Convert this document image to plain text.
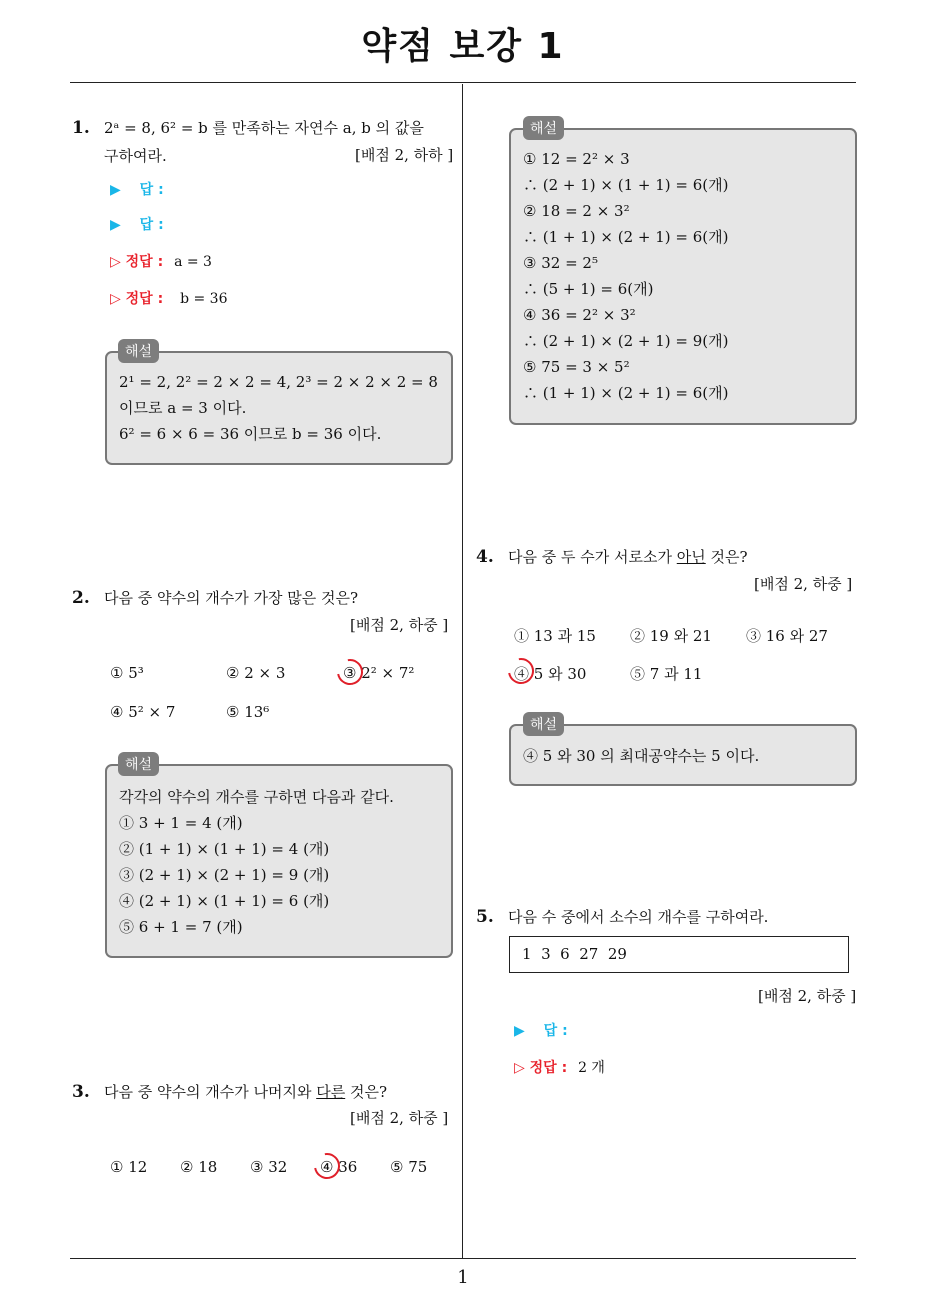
약점 보강 1
1. 2ᵃ = 8, 6² = b 를 만족하는 자연수 a, b 의 값을
구하여라.	[배점 2, 하하 ]
▶ 답 :
▶ 답 :
▷ 정답 : a = 3
▷ 정답 : b = 36
2¹ = 2, 2² = 2 × 2 = 4, 2³ = 2 × 2 × 2 = 8
이므로 a = 3 이다.
6² = 6 × 6 = 36 이므로 b = 36 이다.
해설
2. 다음 중 약수의 개수가 가장 많은 것은?
[배점 2, 하중 ]
① 5³	② 2 × 3	③ 2² × 7²
④ 5² × 7	⑤ 13⁶
각각의 약수의 개수를 구하면 다음과 같다.
① 3 + 1 = 4 (개)
② (1 + 1) × (1 + 1) = 4 (개)
③ (2 + 1) × (2 + 1) = 9 (개)
④ (2 + 1) × (1 + 1) = 6 (개)
⑤ 6 + 1 = 7 (개)
해설
3. 다음 중 약수의 개수가 나머지와 다른 것은?
[배점 2, 하중 ]
① 12 ② 18 ③ 32 ④ 36 ⑤ 75
① 12 = 2² × 3
∴ (2 + 1) × (1 + 1) = 6(개)
② 18 = 2 × 3²
∴ (1 + 1) × (2 + 1) = 6(개)
③ 32 = 2⁵
∴ (5 + 1) = 6(개)
④ 36 = 2² × 3²
∴ (2 + 1) × (2 + 1) = 9(개)
⑤ 75 = 3 × 5²
∴ (1 + 1) × (2 + 1) = 6(개)
해설
4. 다음 중 두 수가 서로소가 아닌 것은?
[배점 2, 하중 ]
① 13 과 15 ② 19 와 21 ③ 16 와 27
④ 5 와 30	⑤ 7 과 11
④ 5 와 30 의 최대공약수는 5 이다.
해설
5. 다음 수 중에서 소수의 개수를 구하여라.
1  3  6  27  29
[배점 2, 하중 ]
▶ 답 :
▷ 정답 : 2 개
1
